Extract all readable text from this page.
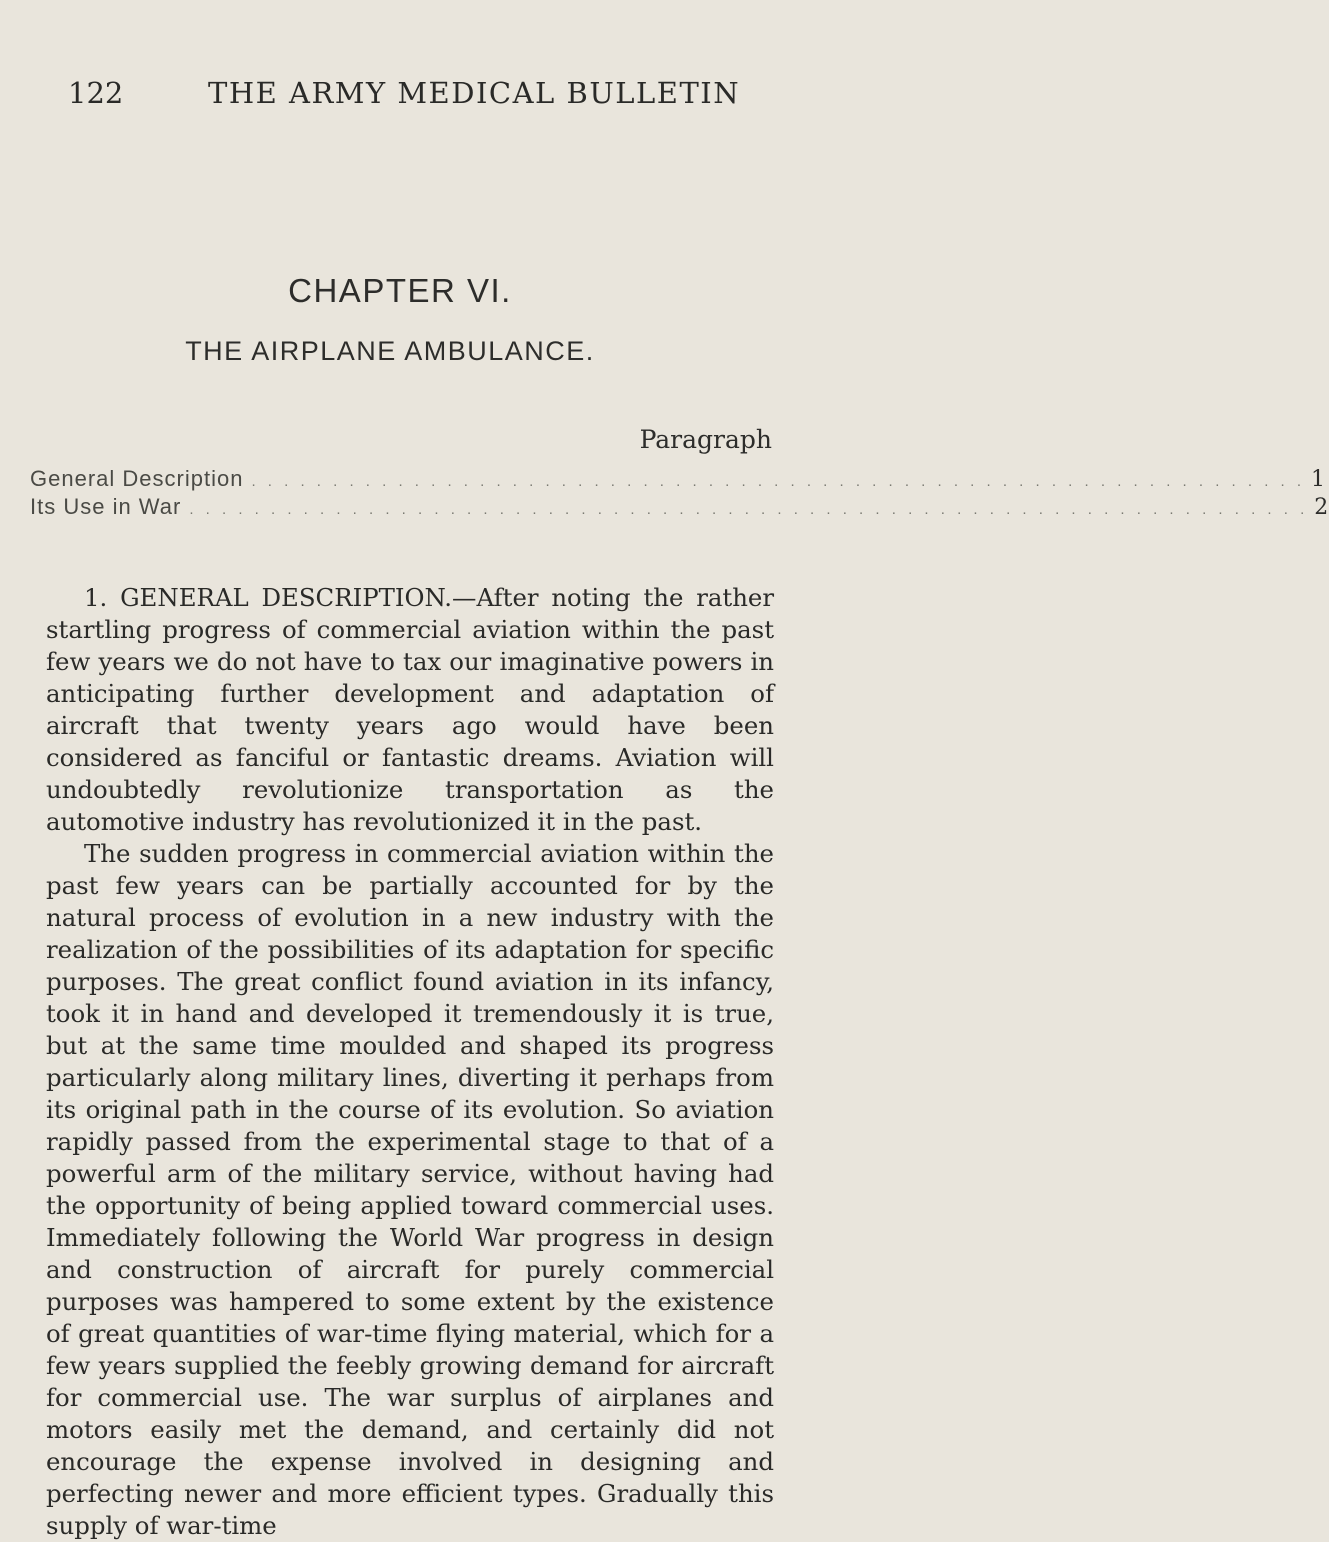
122	THE ARMY MEDICAL BULLETIN
CHAPTER VI.
THE AIRPLANE AMBULANCE.
Paragraph
General Description . . . . . . . . . . . . . . . . . . . . . . . . . . . . . . . . . . . . . . . . . . . . . . . . . . . . . . . . . . . . . . . . . 1
Its Use in War . . . . . . . . . . . . . . . . . . . . . . . . . . . . . . . . . . . . . . . . . . . . . . . . . . . . . . . . . . . . . . . . . . . . . 2

1. GENERAL DESCRIPTION.—After noting the rather startling progress of commercial aviation within the past few years we do not have to tax our imaginative powers in anticipating further development and adaptation of aircraft that twenty years ago would have been considered as fanciful or fantastic dreams. Aviation will undoubtedly revolutionize transportation as the automotive industry has revolutionized it in the past.

The sudden progress in commercial aviation within the past few years can be partially accounted for by the natural process of evolution in a new industry with the realization of the possibilities of its adaptation for specific purposes. The great conflict found aviation in its infancy, took it in hand and developed it tremendously it is true, but at the same time moulded and shaped its progress particularly along military lines, diverting it perhaps from its original path in the course of its evolution. So aviation rapidly passed from the experimental stage to that of a powerful arm of the military service, without having had the opportunity of being applied toward commercial uses. Immediately following the World War progress in design and construction of aircraft for purely commercial purposes was hampered to some extent by the existence of great quantities of war-time flying material, which for a few years supplied the feebly growing demand for aircraft for commercial use. The war surplus of airplanes and motors easily met the demand, and certainly did not encourage the expense involved in designing and perfecting newer and more efficient types. Gradually this supply of war-time
